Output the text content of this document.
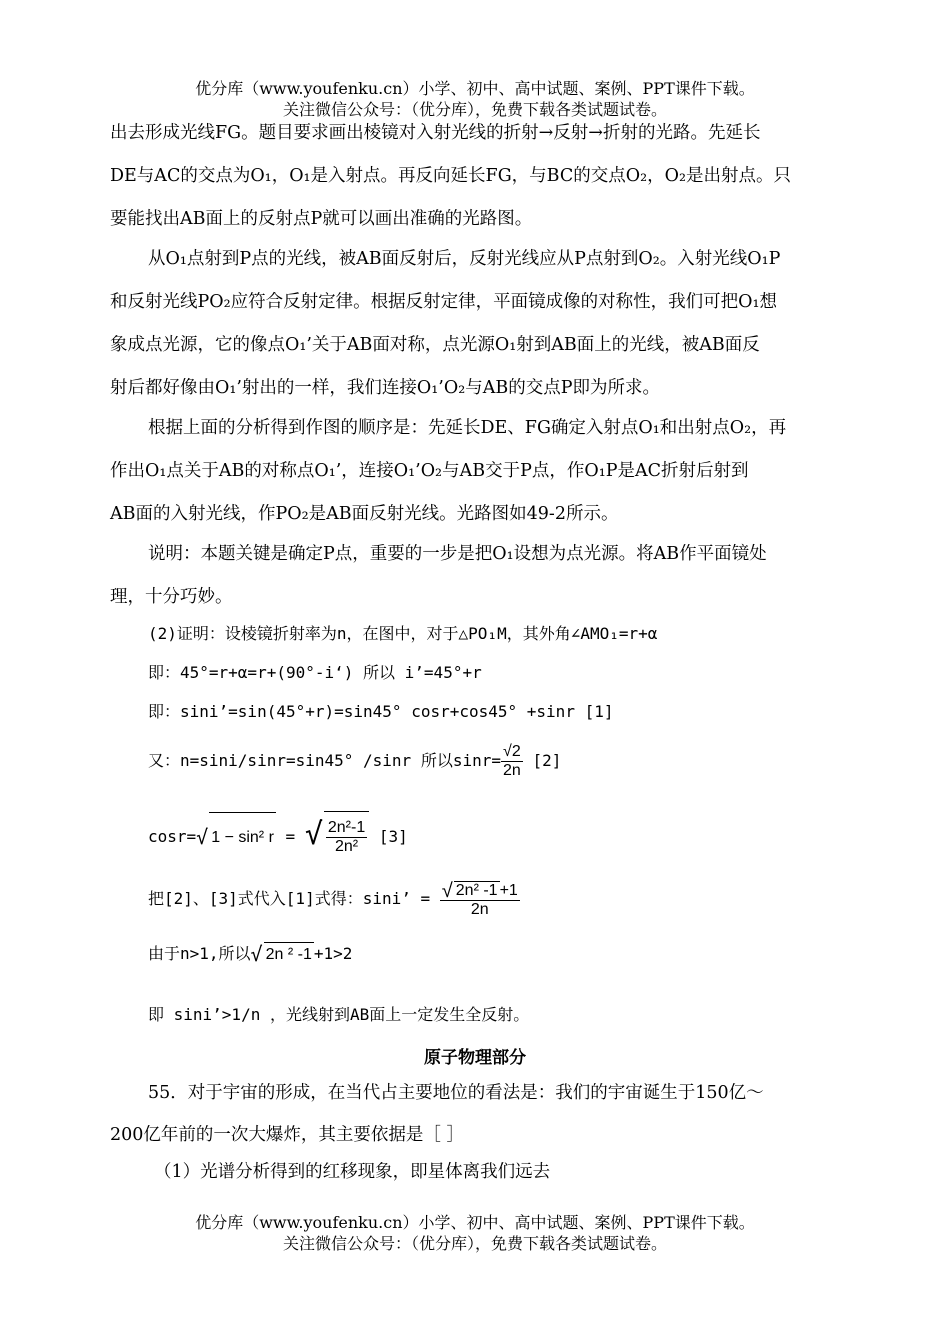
优分库（www.youfenku.cn）小学、初中、高中试题、案例、PPT课件下载。
关注微信公众号：（优分库），免费下载各类试题试卷。
出去形成光线FG。题目要求画出棱镜对入射光线的折射→反射→折射的光路。先延长
DE与AC的交点为O₁，O₁是入射点。再反向延长FG，与BC的交点O₂，O₂是出射点。只
要能找出AB面上的反射点P就可以画出准确的光路图。
从O₁点射到P点的光线，被AB面反射后，反射光线应从P点射到O₂。入射光线O₁P
和反射光线PO₂应符合反射定律。根据反射定律，平面镜成像的对称性，我们可把O₁想
象成点光源，它的像点O₁’关于AB面对称，点光源O₁射到AB面上的光线，被AB面反
射后都好像由O₁’射出的一样，我们连接O₁’O₂与AB的交点P即为所求。
根据上面的分析得到作图的顺序是：先延长DE、FG确定入射点O₁和出射点O₂，再
作出O₁点关于AB的对称点O₁’，连接O₁’O₂与AB交于P点，作O₁P是AC折射后射到
AB面的入射光线，作PO₂是AB面反射光线。光路图如49-2所示。
说明：本题关键是确定P点，重要的一步是把O₁设想为点光源。将AB作平面镜处
理，十分巧妙。
(2)证明：设棱镜折射率为n，在图中，对于△PO₁M，其外角∠AMO₁=r+α
即：45°=r+α=r+(90°-i‘) 所以 i’=45°+r
即：sini’=sin(45°+r)=sin45° cosr+cos45° +sinr [1]
又：n=sini/sinr=sin45° /sinr 所以$\sin r= \frac{√2}{2n} [2]$
cosr=√ 1 − sin² r = √ $\frac{\text{2n²-1}}{\text{2n²}} [3]$
把[2]、[3]式代入[1]式得：sini’ = $\frac{\text{√ 2n² -1 +1}}{2n}$
由于n>1,所以√ 2n ² -1 +1>2
即 sini’>1/n ，光线射到AB面上一定发生全反射。
原子物理部分
55．对于宇宙的形成，在当代占主要地位的看法是：我们的宇宙诞生于150亿～
200亿年前的一次大爆炸，其主要依据是［ ］
（1）光谱分析得到的红移现象，即星体离我们远去
优分库（www.youfenku.cn）小学、初中、高中试题、案例、PPT课件下载。
关注微信公众号：（优分库），免费下载各类试题试卷。
